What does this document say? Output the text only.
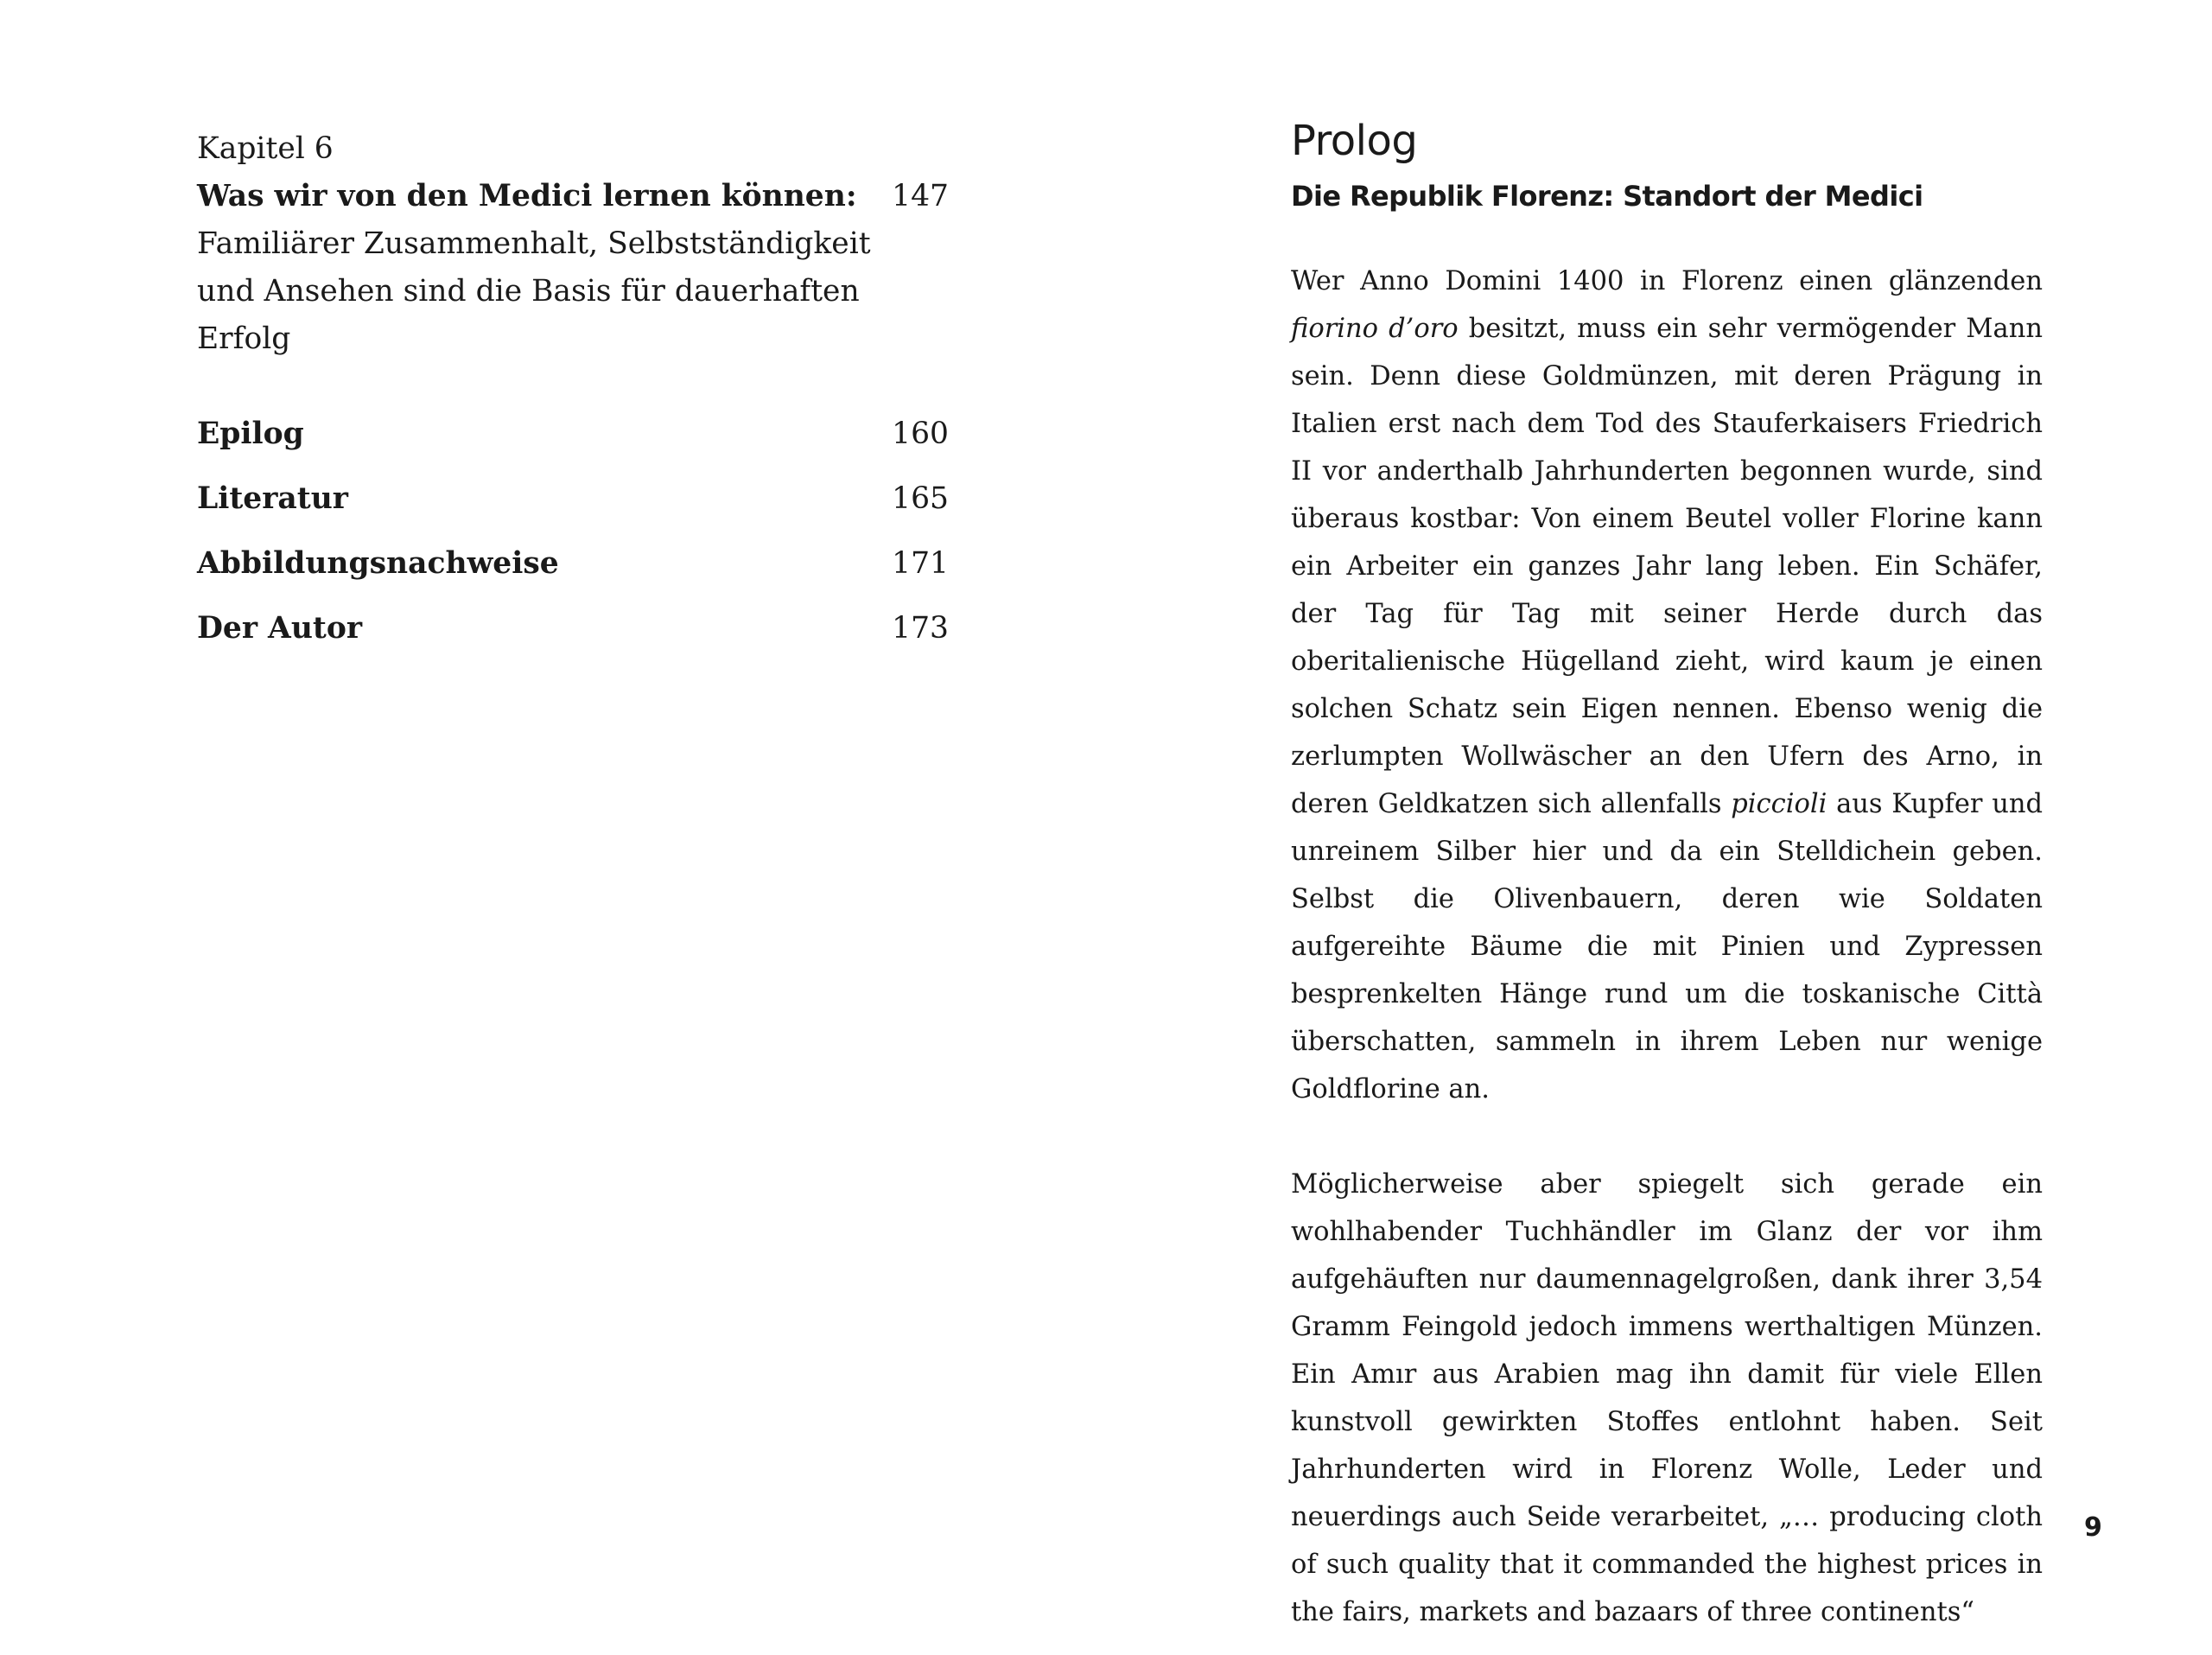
Kapitel 6
Was wir von den Medici lernen können: 147
Familiärer Zusammenhalt, Selbstständigkeit
und Ansehen sind die Basis für dauerhaften Erfolg
Epilog	160
Literatur	165
Abbildungsnachweise	171
Der Autor	173
Prolog
Die Republik Florenz: Standort der Medici

Wer Anno Domini 1400 in Florenz einen glänzenden fiorino d’oro besitzt, muss ein sehr vermögender Mann sein. Denn diese Goldmünzen, mit deren Prägung in Italien erst nach dem Tod des Stauferkaisers Friedrich II vor anderthalb Jahrhunderten begonnen wurde, sind überaus kostbar: Von einem Beutel voller Florine kann ein Arbeiter ein ganzes Jahr lang leben. Ein Schäfer, der Tag für Tag mit seiner Herde durch das oberitalienische Hügelland zieht, wird kaum je einen solchen Schatz sein Eigen nennen. Ebenso wenig die zerlumpten Wollwäscher an den Ufern des Arno, in deren Geldkatzen sich allenfalls piccioli aus Kupfer und unreinem Silber hier und da ein Stelldichein geben. Selbst die Olivenbauern, deren wie Soldaten aufgereihte Bäume die mit Pinien und Zypressen besprenkelten Hänge rund um die toskanische Città überschatten, sammeln in ihrem Leben nur wenige Goldflorine an.

Möglicherweise aber spiegelt sich gerade ein wohlhabender Tuchhändler im Glanz der vor ihm aufgehäuften nur daumennagelgroßen, dank ihrer 3,54 Gramm Feingold jedoch immens werthaltigen Münzen. Ein Amır aus Arabien mag ihn damit für viele Ellen kunstvoll gewirkten Stoffes entlohnt haben. Seit Jahrhunderten wird in Florenz Wolle, Leder und neuerdings auch Seide verarbeitet, „… producing cloth of such quality that it commanded the highest prices in the fairs, markets and bazaars of three continents“

9
